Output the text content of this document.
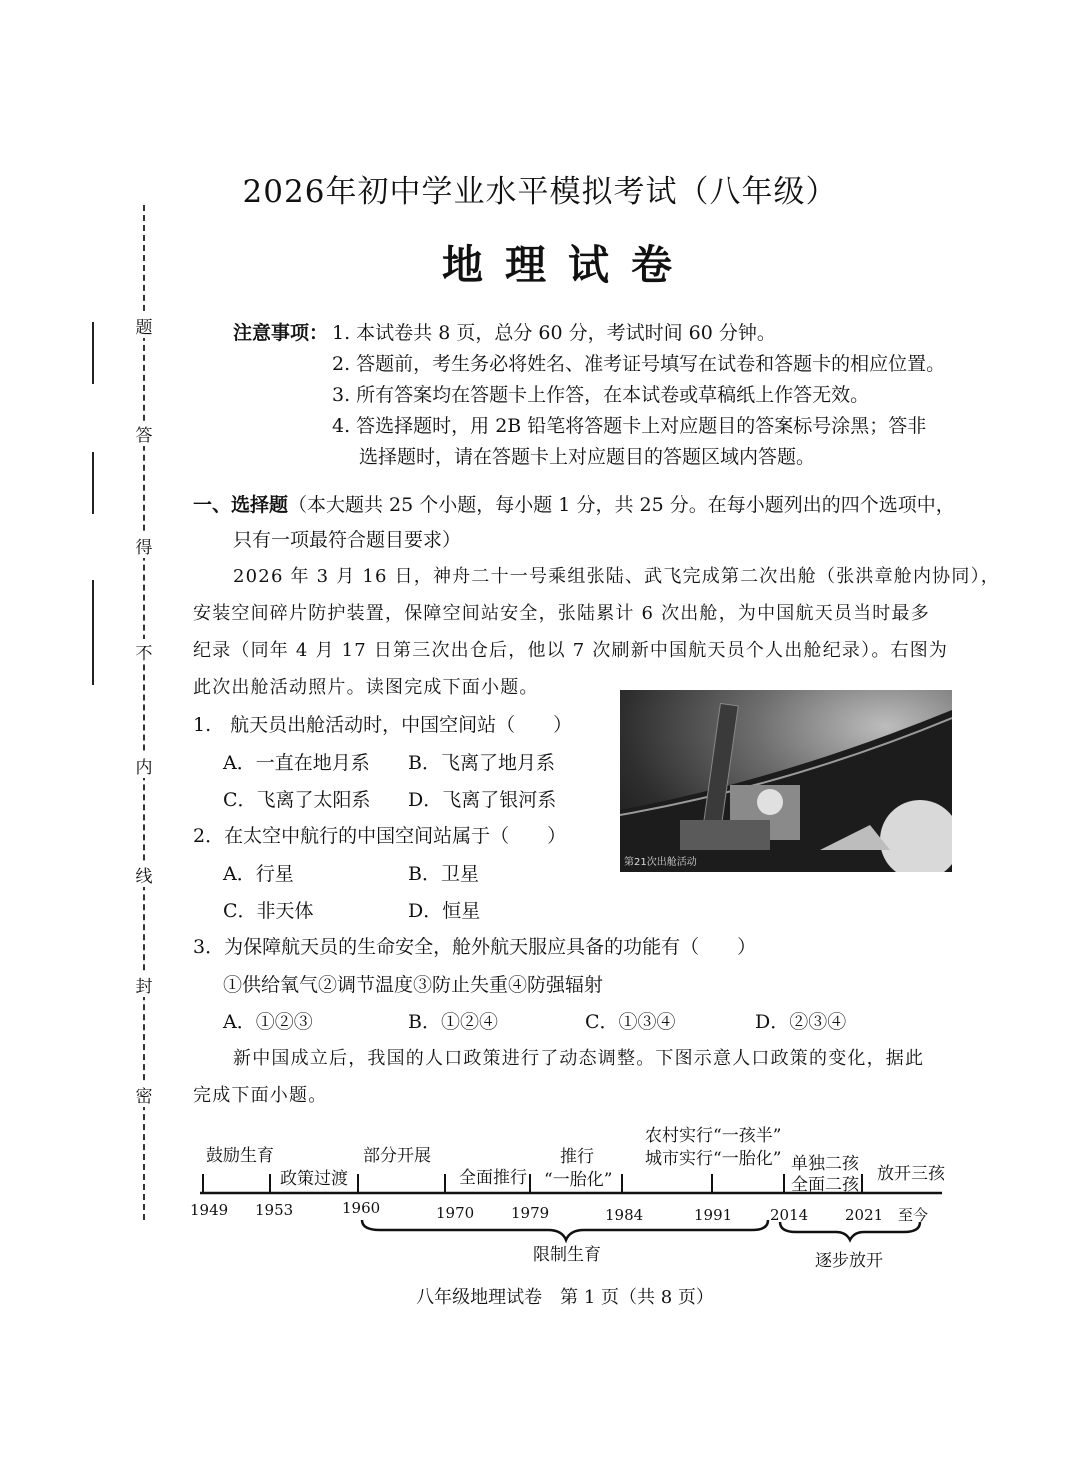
题
答
得
不
内
线
封
密
2026年初中学业水平模拟考试（八年级）
地理试卷
注意事项： 1. 本试卷共 8 页，总分 60 分，考试时间 60 分钟。
2. 答题前，考生务必将姓名、准考证号填写在试卷和答题卡的相应位置。
3. 所有答案均在答题卡上作答，在本试卷或草稿纸上作答无效。
4. 答选择题时，用 2B 铅笔将答题卡上对应题目的答案标号涂黑；答非
选择题时，请在答题卡上对应题目的答题区域内答题。
一、选择题（本大题共 25 个小题，每小题 1 分，共 25 分。在每小题列出的四个选项中，
只有一项最符合题目要求）
2026 年 3 月 16 日，神舟二十一号乘组张陆、武飞完成第二次出舱（张洪章舱内协同），
安装空间碎片防护装置，保障空间站安全，张陆累计 6 次出舱，为中国航天员当时最多
纪录（同年 4 月 17 日第三次出仓后，他以 7 次刷新中国航天员个人出舱纪录）。右图为
此次出舱活动照片。读图完成下面小题。
第21次出舱活动
1.　航天员出舱活动时，中国空间站（　　）
A．一直在地月系 B．飞离了地月系
C．飞离了太阳系 D．飞离了银河系
2．在太空中航行的中国空间站属于（　　）
A．行星	B．卫星
C．非天体	D．恒星
3．为保障航天员的生命安全，舱外航天服应具备的功能有（　　）
①供给氧气②调节温度③防止失重④防强辐射
A．①②③	B．①②④	C．①③④	D．②③④
新中国成立后，我国的人口政策进行了动态调整。下图示意人口政策的变化，据此
完成下面小题。
鼓励生育
政策过渡
部分开展
全面推行
推行
“一胎化”
农村实行“一孩半”
城市实行“一胎化” 单独二孩
全面二孩
放开三孩
1949 1953	1960	1970 1979	1984	1991	2014 2021 至今
限制生育	逐步放开
八年级地理试卷　第 1 页（共 8 页）
